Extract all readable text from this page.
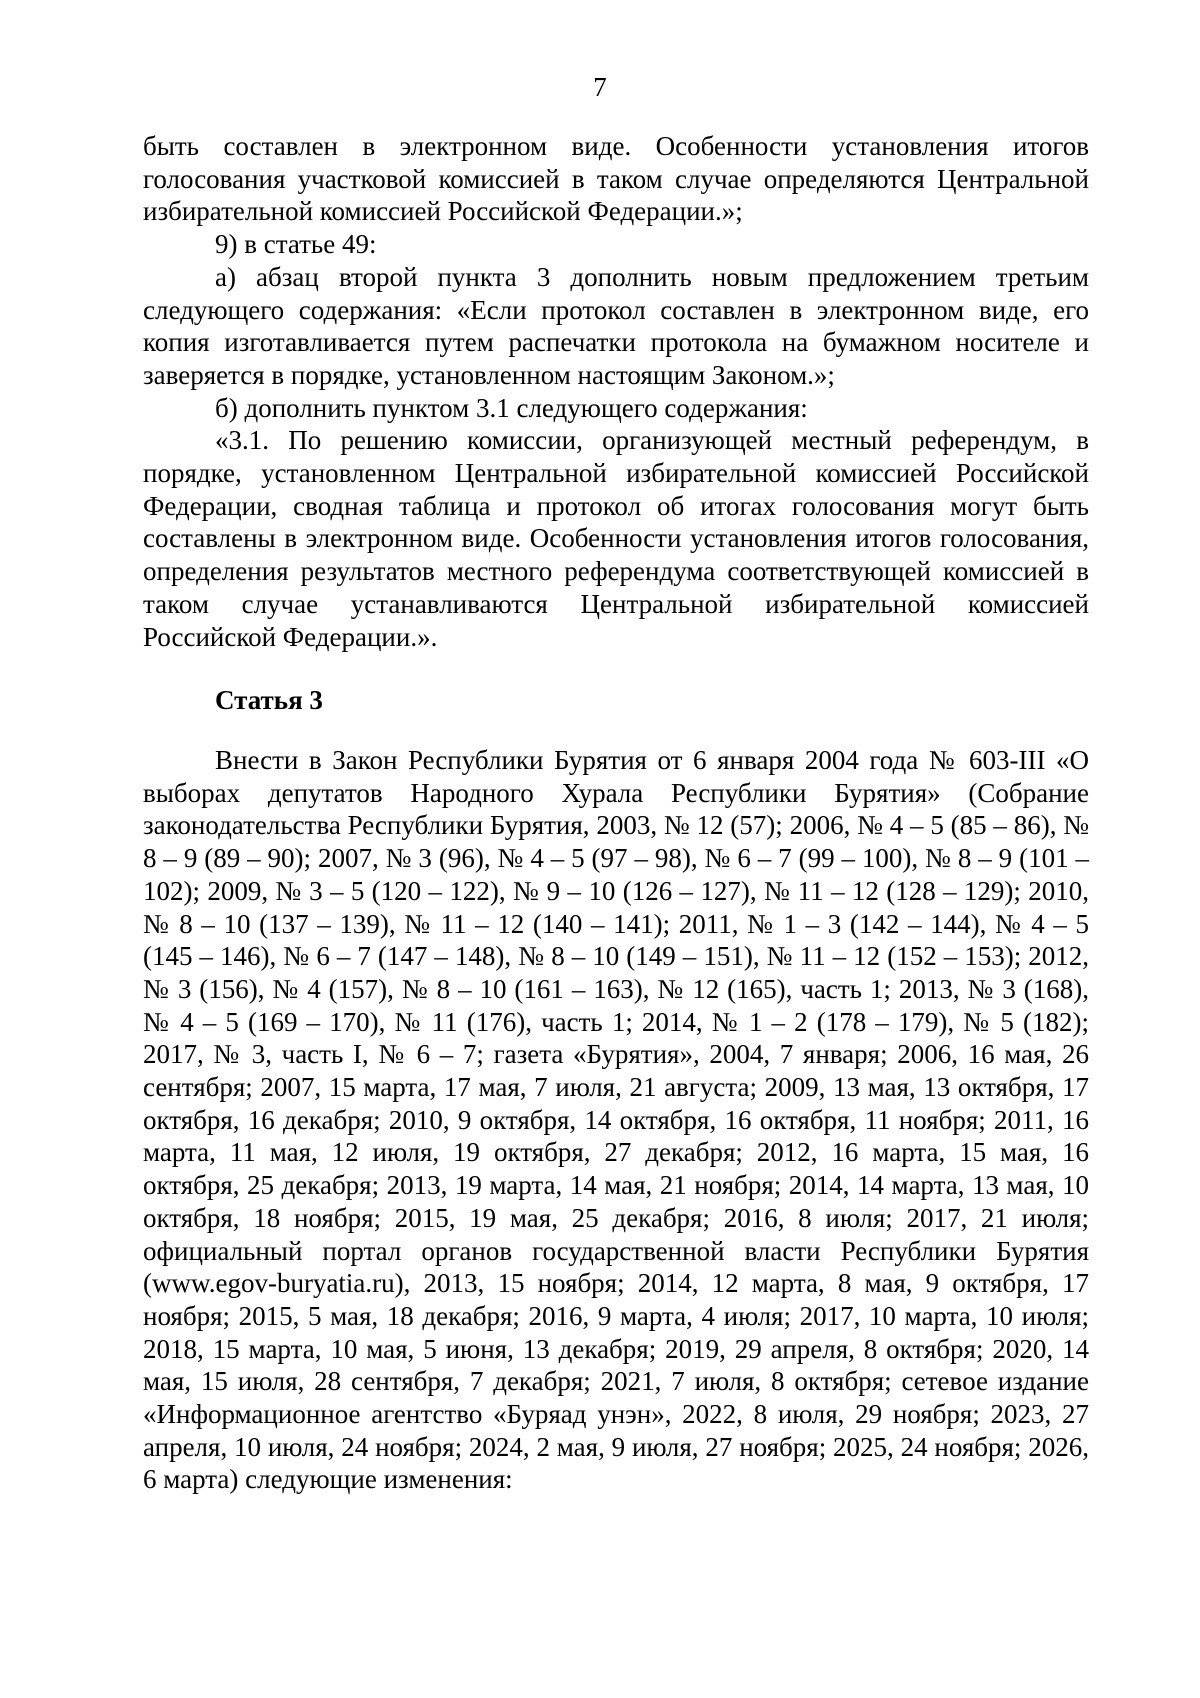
7

быть составлен в электронном виде. Особенности установления итогов голосования участковой комиссией в таком случае определяются Центральной избирательной комиссией Российской Федерации.»;

9) в статье 49:

а) абзац второй пункта 3 дополнить новым предложением третьим следующего содержания: «Если протокол составлен в электронном виде, его копия изготавливается путем распечатки протокола на бумажном носителе и заверяется в порядке, установленном настоящим Законом.»;

б) дополнить пунктом 3.1 следующего содержания:

«3.1. По решению комиссии, организующей местный референдум, в порядке, установленном Центральной избирательной комиссией Российской Федерации, сводная таблица и протокол об итогах голосования могут быть составлены в электронном виде. Особенности установления итогов голосования, определения результатов местного референдума соответствующей комиссией в таком случае устанавливаются Центральной избирательной комиссией Российской Федерации.».

Статья 3

Внести в Закон Республики Бурятия от 6 января 2004 года № 603-III «О выборах депутатов Народного Хурала Республики Бурятия» (Собрание законодательства Республики Бурятия, 2003, № 12 (57); 2006, № 4 – 5 (85 – 86), № 8 – 9 (89 – 90); 2007, № 3 (96), № 4 – 5 (97 – 98), № 6 – 7 (99 – 100), № 8 – 9 (101 – 102); 2009, № 3 – 5 (120 – 122), № 9 – 10 (126 – 127), № 11 – 12 (128 – 129); 2010, № 8 – 10 (137 – 139), № 11 – 12 (140 – 141); 2011, № 1 – 3 (142 – 144), № 4 – 5 (145 – 146), № 6 – 7 (147 – 148), № 8 – 10 (149 – 151), № 11 – 12 (152 – 153); 2012, № 3 (156), № 4 (157), № 8 – 10 (161 – 163), № 12 (165), часть 1; 2013, № 3 (168), № 4 – 5 (169 – 170), № 11 (176), часть 1; 2014, № 1 – 2 (178 – 179), № 5 (182); 2017, № 3, часть I, № 6 – 7; газета «Бурятия», 2004, 7 января; 2006, 16 мая, 26 сентября; 2007, 15 марта, 17 мая, 7 июля, 21 августа; 2009, 13 мая, 13 октября, 17 октября, 16 декабря; 2010, 9 октября, 14 октября, 16 октября, 11 ноября; 2011, 16 марта, 11 мая, 12 июля, 19 октября, 27 декабря; 2012, 16 марта, 15 мая, 16 октября, 25 декабря; 2013, 19 марта, 14 мая, 21 ноября; 2014, 14 марта, 13 мая, 10 октября, 18 ноября; 2015, 19 мая, 25 декабря; 2016, 8 июля; 2017, 21 июля; официальный портал органов государственной власти Республики Бурятия (www.egov-buryatia.ru), 2013, 15 ноября; 2014, 12 марта, 8 мая, 9 октября, 17 ноября; 2015, 5 мая, 18 декабря; 2016, 9 марта, 4 июля; 2017, 10 марта, 10 июля; 2018, 15 марта, 10 мая, 5 июня, 13 декабря; 2019, 29 апреля, 8 октября; 2020, 14 мая, 15 июля, 28 сентября, 7 декабря; 2021, 7 июля, 8 октября; сетевое издание «Информационное агентство «Буряад унэн», 2022, 8 июля, 29 ноября; 2023, 27 апреля, 10 июля, 24 ноября; 2024, 2 мая, 9 июля, 27 ноября; 2025, 24 ноября; 2026, 6 марта) следующие изменения:
